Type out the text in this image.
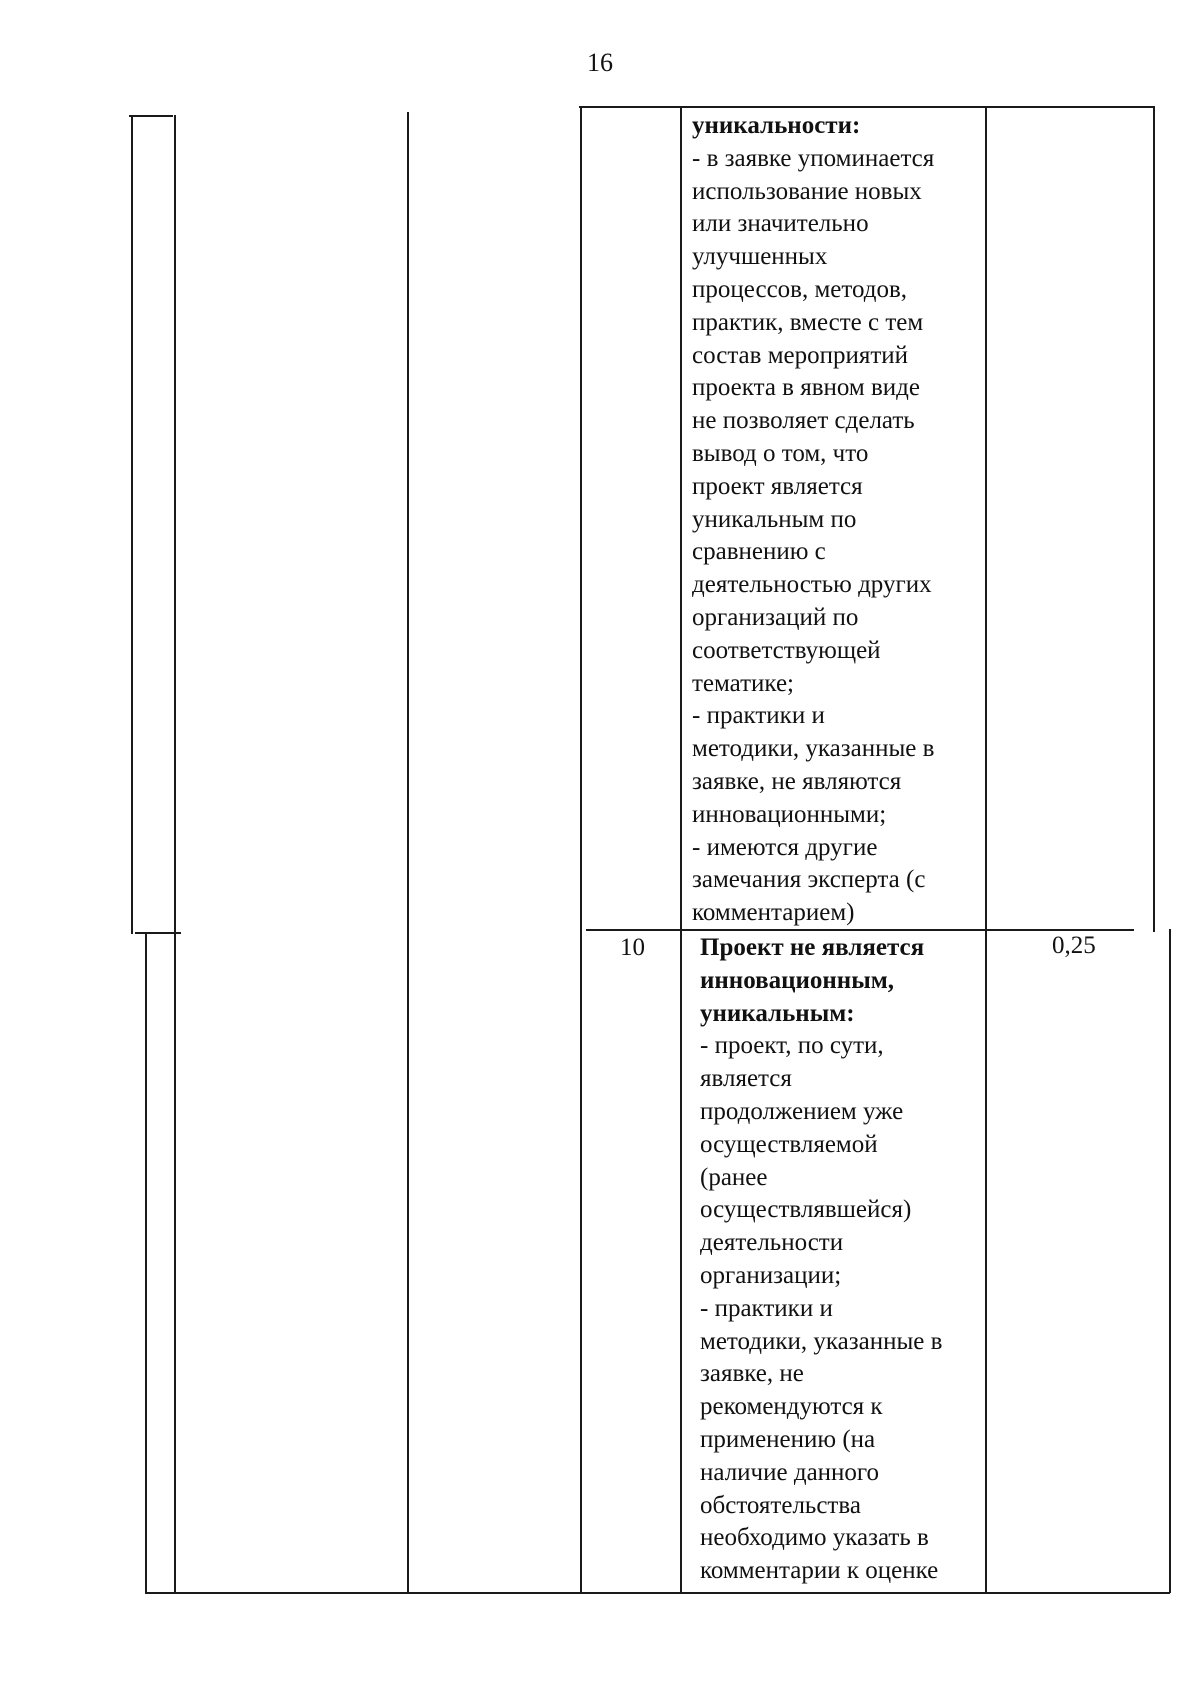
16
уникальности:
- в заявке упоминается
использование новых
или значительно
улучшенных
процессов, методов,
практик, вместе с тем
состав мероприятий
проекта в явном виде
не позволяет сделать
вывод о том, что
проект является
уникальным по
сравнению с
деятельностью других
организаций по
соответствующей
тематике;
- практики и
методики, указанные в
заявке, не являются
инновационными;
- имеются другие
замечания эксперта (с
комментарием)
10 Проект не является
инновационным,
уникальным:
- проект, по сути,
является
продолжением уже
осуществляемой
(ранее
осуществлявшейся)
деятельности
организации;
- практики и
методики, указанные в
заявке, не
рекомендуются к
применению (на
наличие данного
обстоятельства
необходимо указать в
комментарии к оценке
0,25
